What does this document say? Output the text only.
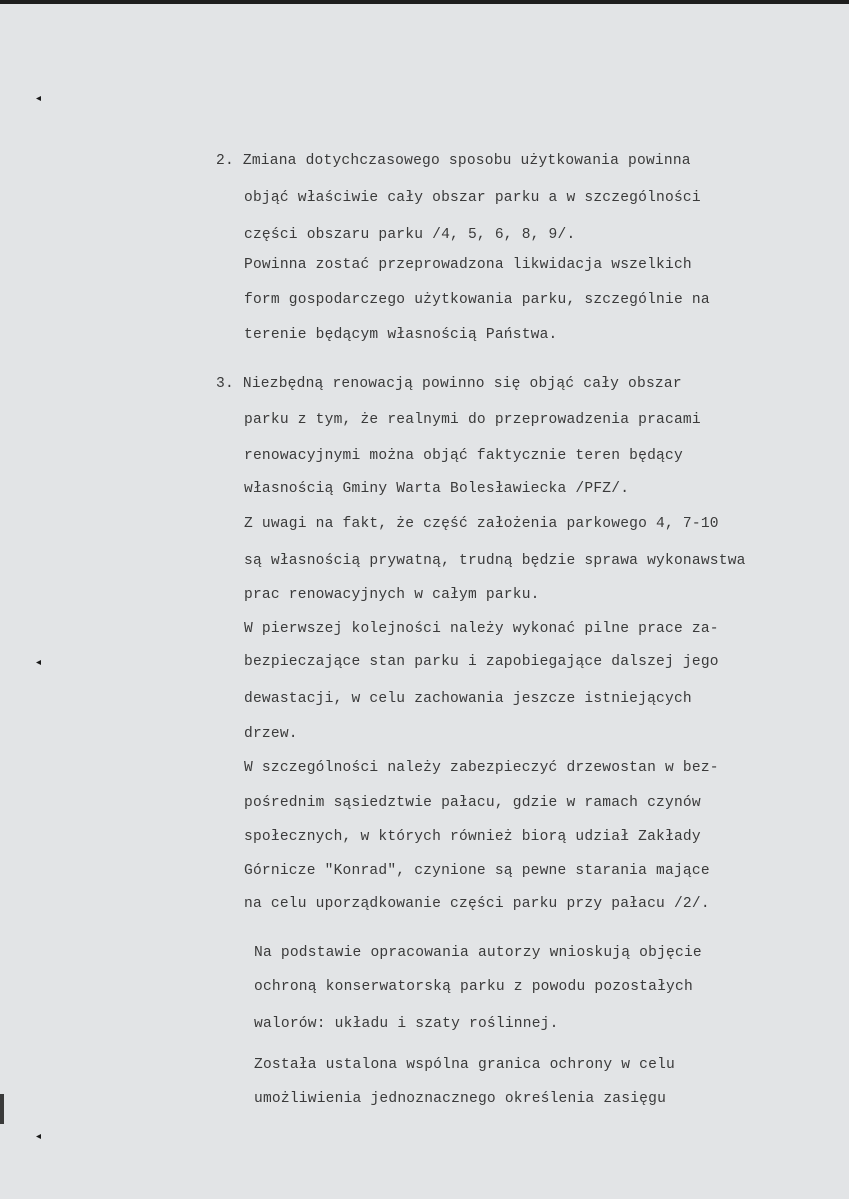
2. Zmiana dotychczasowego sposobu użytkowania powinna
objąć właściwie cały obszar parku a w szczególności
części obszaru parku /4, 5, 6, 8, 9/.
Powinna zostać przeprowadzona likwidacja wszelkich
form gospodarczego użytkowania parku, szczególnie na
terenie będącym własnością Państwa.
3. Niezbędną renowacją powinno się objąć cały obszar
parku z tym, że realnymi do przeprowadzenia pracami
renowacyjnymi można objąć faktycznie teren będący
własnością Gminy Warta Bolesławiecka /PFZ/.
Z uwagi na fakt, że część założenia parkowego 4, 7-10
są własnością prywatną, trudną będzie sprawa wykonawstwa
prac renowacyjnych w całym parku.
W pierwszej kolejności należy wykonać pilne prace za-
bezpieczające stan parku i zapobiegające dalszej jego
dewastacji, w celu zachowania jeszcze istniejących
drzew.
W szczególności należy zabezpieczyć drzewostan w bez-
pośrednim sąsiedztwie pałacu, gdzie w ramach czynów
społecznych, w których również biorą udział Zakłady
Górnicze "Konrad", czynione są pewne starania mające
na celu uporządkowanie części parku przy pałacu /2/.
Na podstawie opracowania autorzy wnioskują objęcie
ochroną konserwatorską parku z powodu pozostałych
walorów: układu i szaty roślinnej.
Została ustalona wspólna granica ochrony w celu
umożliwienia jednoznacznego określenia zasięgu
